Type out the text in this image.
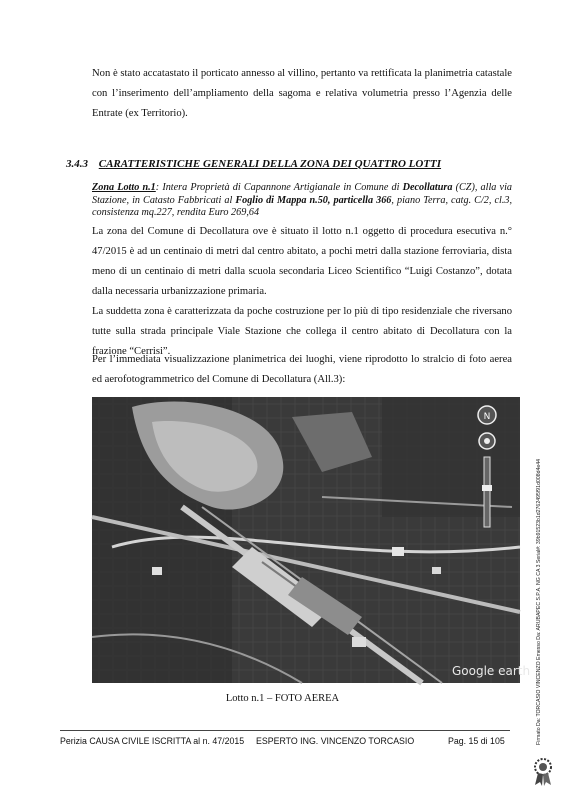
Non è stato accatastato il porticato annesso al villino, pertanto va rettificata la planimetria catastale con l’inserimento dell’ampliamento della sagoma e relativa volumetria presso l’Agenzia delle Entrate (ex Territorio).
3.4.3 CARATTERISTICHE GENERALI DELLA ZONA DEI QUATTRO LOTTI
Zona Lotto n.1: Intera Proprietà di Capannone Artigianale in Comune di Decollatura (CZ), alla via Stazione, in Catasto Fabbricati al Foglio di Mappa n.50, particella 366, piano Terra, catg. C/2, cl.3, consistenza mq.227, rendita Euro 269,64
La zona del Comune di Decollatura ove è situato il lotto n.1 oggetto di procedura esecutiva n.° 47/2015 è ad un centinaio di metri dal centro abitato, a pochi metri dalla stazione ferroviaria, dista meno di un centinaio di metri dalla scuola secondaria Liceo Scientifico “Luigi Costanzo”, dotata dalla necessaria urbanizzazione primaria.
La suddetta zona è caratterizzata da poche costruzione per lo più di tipo residenziale che riversano tutte sulla strada principale Viale Stazione che collega il centro abitato di Decollatura con la frazione “Cerrisi”.
Per l’immediata visualizzazione planimetrica dei luoghi, viene riprodotto lo stralcio di foto aerea ed aerofotogrammetrico del Comune di Decollatura (All.3):
N
Google earth
Lotto n.1 – FOTO AEREA
Perizia CAUSA CIVILE ISCRITTA al n. 47/2015 ESPERTO ING. VINCENZO TORCASIO	Pag. 15 di 105	Firmato Da: TORCASIO VINCENZO Emesso Da: ARUBAPEC S.P.A. NG CA 3 Serial#: 39b91523b1d2762495f91d008d4e44
